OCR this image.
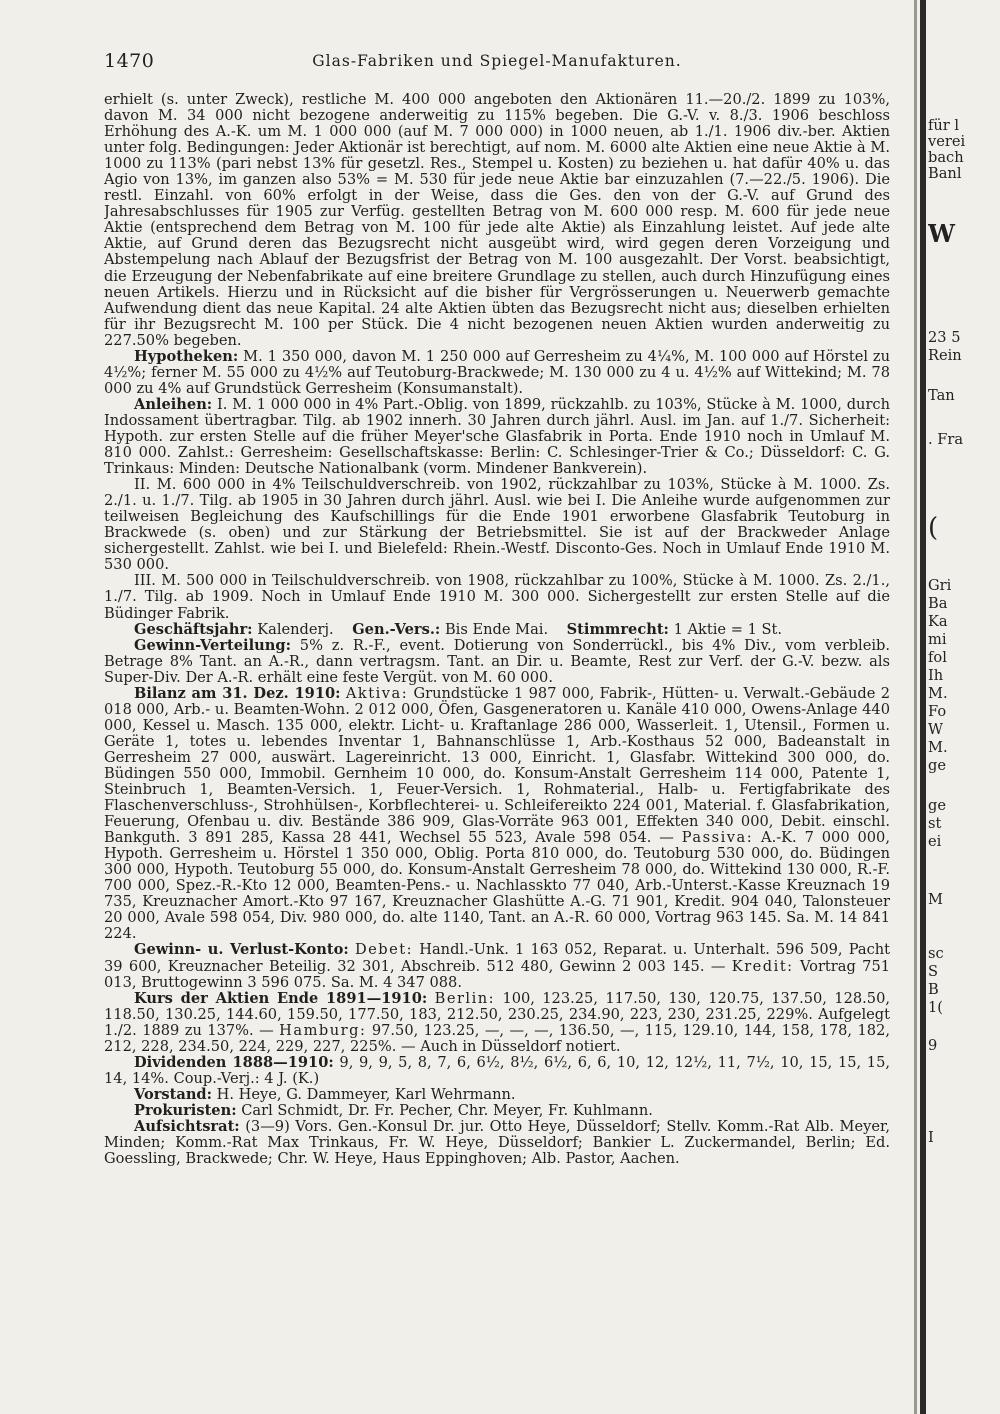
1470	Glas-Fabriken und Spiegel-Manufakturen.

erhielt (s. unter Zweck), restliche M. 400 000 angeboten den Aktionären 11.—20./2. 1899 zu 103%, davon M. 34 000 nicht bezogene anderweitig zu 115% begeben. Die G.-V. v. 8./3. 1906 beschloss Erhöhung des A.-K. um M. 1 000 000 (auf M. 7 000 000) in 1000 neuen, ab 1./1. 1906 div.-ber. Aktien unter folg. Bedingungen: Jeder Aktionär ist berechtigt, auf nom. M. 6000 alte Aktien eine neue Aktie à M. 1000 zu 113% (pari nebst 13% für gesetzl. Res., Stempel u. Kosten) zu beziehen u. hat dafür 40% u. das Agio von 13%, im ganzen also 53% = M. 530 für jede neue Aktie bar einzuzahlen (7.—22./5. 1906). Die restl. Einzahl. von 60% erfolgt in der Weise, dass die Ges. den von der G.-V. auf Grund des Jahresabschlusses für 1905 zur Verfüg. gestellten Betrag von M. 600 000 resp. M. 600 für jede neue Aktie (entsprechend dem Betrag von M. 100 für jede alte Aktie) als Einzahlung leistet. Auf jede alte Aktie, auf Grund deren das Bezugsrecht nicht ausgeübt wird, wird gegen deren Vorzeigung und Abstempelung nach Ablauf der Bezugsfrist der Betrag von M. 100 ausgezahlt. Der Vorst. beabsichtigt, die Erzeugung der Nebenfabrikate auf eine breitere Grundlage zu stellen, auch durch Hinzufügung eines neuen Artikels. Hierzu und in Rücksicht auf die bisher für Vergrösserungen u. Neuerwerb gemachte Aufwendung dient das neue Kapital. 24 alte Aktien übten das Bezugsrecht nicht aus; dieselben erhielten für ihr Bezugsrecht M. 100 per Stück. Die 4 nicht bezogenen neuen Aktien wurden anderweitig zu 227.50% begeben.

Hypotheken: M. 1 350 000, davon M. 1 250 000 auf Gerresheim zu 4¼%, M. 100 000 auf Hörstel zu 4½%; ferner M. 55 000 zu 4½% auf Teutoburg-Brackwede; M. 130 000 zu 4 u. 4½% auf Wittekind; M. 78 000 zu 4% auf Grundstück Gerresheim (Konsumanstalt).

Anleihen: I. M. 1 000 000 in 4% Part.-Oblig. von 1899, rückzahlb. zu 103%, Stücke à M. 1000, durch Indossament übertragbar. Tilg. ab 1902 innerh. 30 Jahren durch jährl. Ausl. im Jan. auf 1./7. Sicherheit: Hypoth. zur ersten Stelle auf die früher Meyer'sche Glasfabrik in Porta. Ende 1910 noch in Umlauf M. 810 000. Zahlst.: Gerresheim: Gesellschaftskasse: Berlin: C. Schlesinger-Trier & Co.; Düsseldorf: C. G. Trinkaus: Minden: Deutsche Nationalbank (vorm. Mindener Bankverein).

II. M. 600 000 in 4% Teilschuldverschreib. von 1902, rückzahlbar zu 103%, Stücke à M. 1000. Zs. 2./1. u. 1./7. Tilg. ab 1905 in 30 Jahren durch jährl. Ausl. wie bei I. Die Anleihe wurde aufgenommen zur teilweisen Begleichung des Kaufschillings für die Ende 1901 erworbene Glasfabrik Teutoburg in Brackwede (s. oben) und zur Stärkung der Betriebsmittel. Sie ist auf der Brackweder Anlage sichergestellt. Zahlst. wie bei I. und Bielefeld: Rhein.-Westf. Disconto-Ges. Noch in Umlauf Ende 1910 M. 530 000.

III. M. 500 000 in Teilschuldverschreib. von 1908, rückzahlbar zu 100%, Stücke à M. 1000. Zs. 2./1., 1./7. Tilg. ab 1909. Noch in Umlauf Ende 1910 M. 300 000. Sichergestellt zur ersten Stelle auf die Büdinger Fabrik.

Geschäftsjahr: Kalenderj. Gen.-Vers.: Bis Ende Mai. Stimmrecht: 1 Aktie = 1 St.

Gewinn-Verteilung: 5% z. R.-F., event. Dotierung von Sonderrückl., bis 4% Div., vom verbleib. Betrage 8% Tant. an A.-R., dann vertragsm. Tant. an Dir. u. Beamte, Rest zur Verf. der G.-V. bezw. als Super-Div. Der A.-R. erhält eine feste Vergüt. von M. 60 000.

Bilanz am 31. Dez. 1910: Aktiva: Grundstücke 1 987 000, Fabrik-, Hütten- u. Verwalt.-Gebäude 2 018 000, Arb.- u. Beamten-Wohn. 2 012 000, Öfen, Gasgeneratoren u. Kanäle 410 000, Owens-Anlage 440 000, Kessel u. Masch. 135 000, elektr. Licht- u. Kraftanlage 286 000, Wasserleit. 1, Utensil., Formen u. Geräte 1, totes u. lebendes Inventar 1, Bahnanschlüsse 1, Arb.-Kosthaus 52 000, Badeanstalt in Gerresheim 27 000, auswärt. Lagereinricht. 13 000, Einricht. 1, Glasfabr. Wittekind 300 000, do. Büdingen 550 000, Immobil. Gernheim 10 000, do. Konsum-Anstalt Gerresheim 114 000, Patente 1, Steinbruch 1, Beamten-Versich. 1, Feuer-Versich. 1, Rohmaterial., Halb- u. Fertigfabrikate des Flaschenverschluss-, Strohhülsen-, Korbflechterei- u. Schleifereikto 224 001, Material. f. Glasfabrikation, Feuerung, Ofenbau u. div. Bestände 386 909, Glas-Vorräte 963 001, Effekten 340 000, Debit. einschl. Bankguth. 3 891 285, Kassa 28 441, Wechsel 55 523, Avale 598 054. — Passiva: A.-K. 7 000 000, Hypoth. Gerresheim u. Hörstel 1 350 000, Oblig. Porta 810 000, do. Teutoburg 530 000, do. Büdingen 300 000, Hypoth. Teutoburg 55 000, do. Konsum-Anstalt Gerresheim 78 000, do. Wittekind 130 000, R.-F. 700 000, Spez.-R.-Kto 12 000, Beamten-Pens.- u. Nachlasskto 77 040, Arb.-Unterst.-Kasse Kreuznach 19 735, Kreuznacher Amort.-Kto 97 167, Kreuznacher Glashütte A.-G. 71 901, Kredit. 904 040, Talonsteuer 20 000, Avale 598 054, Div. 980 000, do. alte 1140, Tant. an A.-R. 60 000, Vortrag 963 145. Sa. M. 14 841 224.

Gewinn- u. Verlust-Konto: Debet: Handl.-Unk. 1 163 052, Reparat. u. Unterhalt. 596 509, Pacht 39 600, Kreuznacher Beteilig. 32 301, Abschreib. 512 480, Gewinn 2 003 145. — Kredit: Vortrag 751 013, Bruttogewinn 3 596 075. Sa. M. 4 347 088.

Kurs der Aktien Ende 1891—1910: Berlin: 100, 123.25, 117.50, 130, 120.75, 137.50, 128.50, 118.50, 130.25, 144.60, 159.50, 177.50, 183, 212.50, 230.25, 234.90, 223, 230, 231.25, 229%. Aufgelegt 1./2. 1889 zu 137%. — Hamburg: 97.50, 123.25, —, —, —, 136.50, —, 115, 129.10, 144, 158, 178, 182, 212, 228, 234.50, 224, 229, 227, 225%. — Auch in Düsseldorf notiert.

Dividenden 1888—1910: 9, 9, 9, 5, 8, 7, 6, 6½, 8½, 6½, 6, 6, 10, 12, 12½, 11, 7½, 10, 15, 15, 15, 14, 14%. Coup.-Verj.: 4 J. (K.)

Vorstand: H. Heye, G. Dammeyer, Karl Wehrmann.

Prokuristen: Carl Schmidt, Dr. Fr. Pecher, Chr. Meyer, Fr. Kuhlmann.

Aufsichtsrat: (3—9) Vors. Gen.-Konsul Dr. jur. Otto Heye, Düsseldorf; Stellv. Komm.-Rat Alb. Meyer, Minden; Komm.-Rat Max Trinkaus, Fr. W. Heye, Düsseldorf; Bankier L. Zuckermandel, Berlin; Ed. Goessling, Brackwede; Chr. W. Heye, Haus Eppinghoven; Alb. Pastor, Aachen.

für l
verei
bach
Banl
W
23 5
Rein
Tan
. Fra
(
Gri
Ba
Ka
mi
fol
Ih
M.
Fo
W
M.
ge
ge
st
ei
M
sc
S
B
1(
9
I
